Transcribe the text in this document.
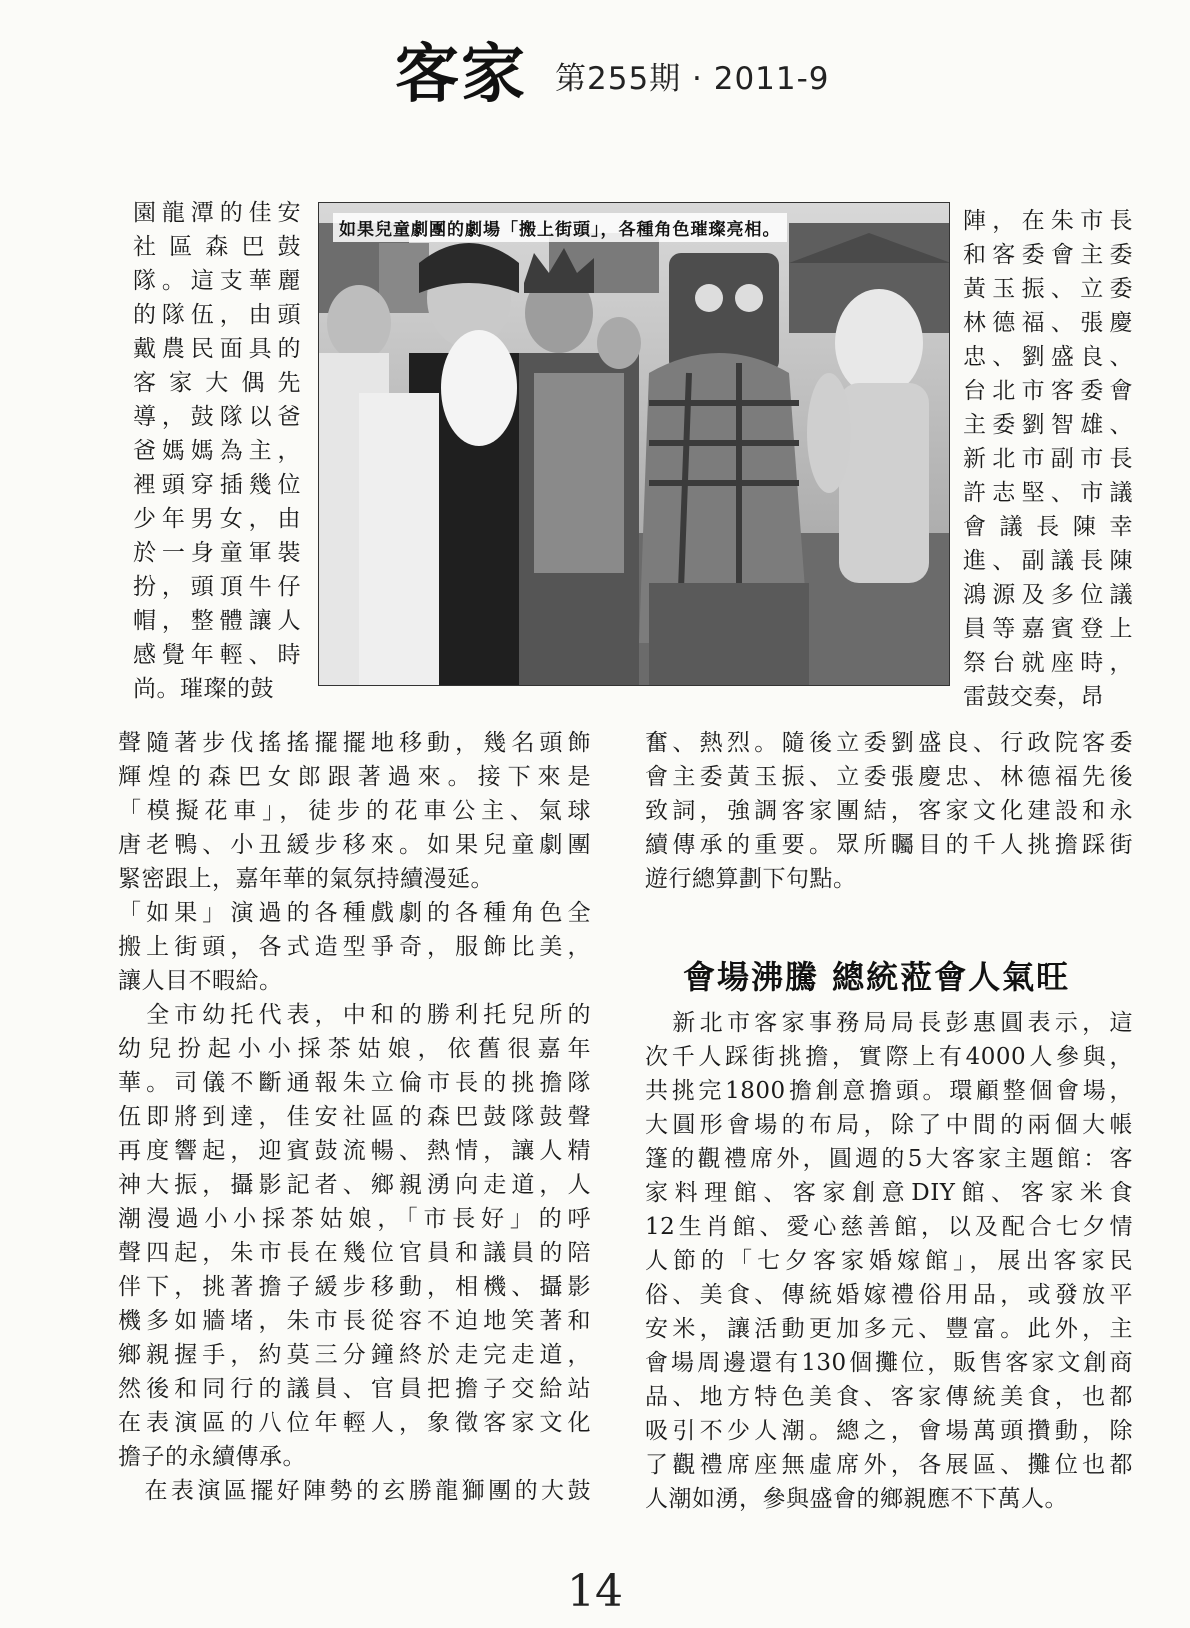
客家 第255期 · 2011-9
園龍潭的佳安
社區森巴鼓
隊。這支華麗
的隊伍，由頭
戴農民面具的
客家大偶先
導，鼓隊以爸
爸媽媽為主，
裡頭穿插幾位
少年男女，由
於一身童軍裝
扮，頭頂牛仔
帽，整體讓人
感覺年輕、時
尚。璀璨的鼓
如果兒童劇團的劇場「搬上街頭」，各種角色璀璨亮相。	陣，在朱市長
和客委會主委
黃玉振、立委
林德福、張慶
忠、劉盛良、
台北市客委會
主委劉智雄、
新北市副市長
許志堅、市議
會議長陳幸
進、副議長陳
鴻源及多位議
員等嘉賓登上
祭台就座時，
雷鼓交奏，昂
聲隨著步伐搖搖擺擺地移動，幾名頭飾
輝煌的森巴女郎跟著過來。接下來是
「模擬花車」，徒步的花車公主、氣球
唐老鴨、小丑緩步移來。如果兒童劇團
緊密跟上，嘉年華的氣氛持續漫延。
「如果」演過的各種戲劇的各種角色全
搬上街頭，各式造型爭奇，服飾比美，
讓人目不暇給。
　全市幼托代表，中和的勝利托兒所的
幼兒扮起小小採茶姑娘，依舊很嘉年
華。司儀不斷通報朱立倫市長的挑擔隊
伍即將到達，佳安社區的森巴鼓隊鼓聲
再度響起，迎賓鼓流暢、熱情，讓人精
神大振，攝影記者、鄉親湧向走道，人
潮漫過小小採茶姑娘，「市長好」的呼
聲四起，朱市長在幾位官員和議員的陪
伴下，挑著擔子緩步移動，相機、攝影
機多如牆堵，朱市長從容不迫地笑著和
鄉親握手，約莫三分鐘終於走完走道，
然後和同行的議員、官員把擔子交給站
在表演區的八位年輕人，象徵客家文化
擔子的永續傳承。
　在表演區擺好陣勢的玄勝龍獅團的大鼓
奮、熱烈。隨後立委劉盛良、行政院客委
會主委黃玉振、立委張慶忠、林德福先後
致詞，強調客家團結，客家文化建設和永
續傳承的重要。眾所矚目的千人挑擔踩街
遊行總算劃下句點。
會場沸騰 總統蒞會人氣旺
　新北市客家事務局局長彭惠圓表示，這
次千人踩街挑擔，實際上有4000人參與，
共挑完1800擔創意擔頭。環顧整個會場，
大圓形會場的布局，除了中間的兩個大帳
篷的觀禮席外，圓週的5大客家主題館：客
家料理館、客家創意DIY館、客家米食
12生肖館、愛心慈善館，以及配合七夕情
人節的「七夕客家婚嫁館」，展出客家民
俗、美食、傳統婚嫁禮俗用品，或發放平
安米，讓活動更加多元、豐富。此外，主
會場周邊還有130個攤位，販售客家文創商
品、地方特色美食、客家傳統美食，也都
吸引不少人潮。總之，會場萬頭攢動，除
了觀禮席座無虛席外，各展區、攤位也都
人潮如湧，參與盛會的鄉親應不下萬人。
14
